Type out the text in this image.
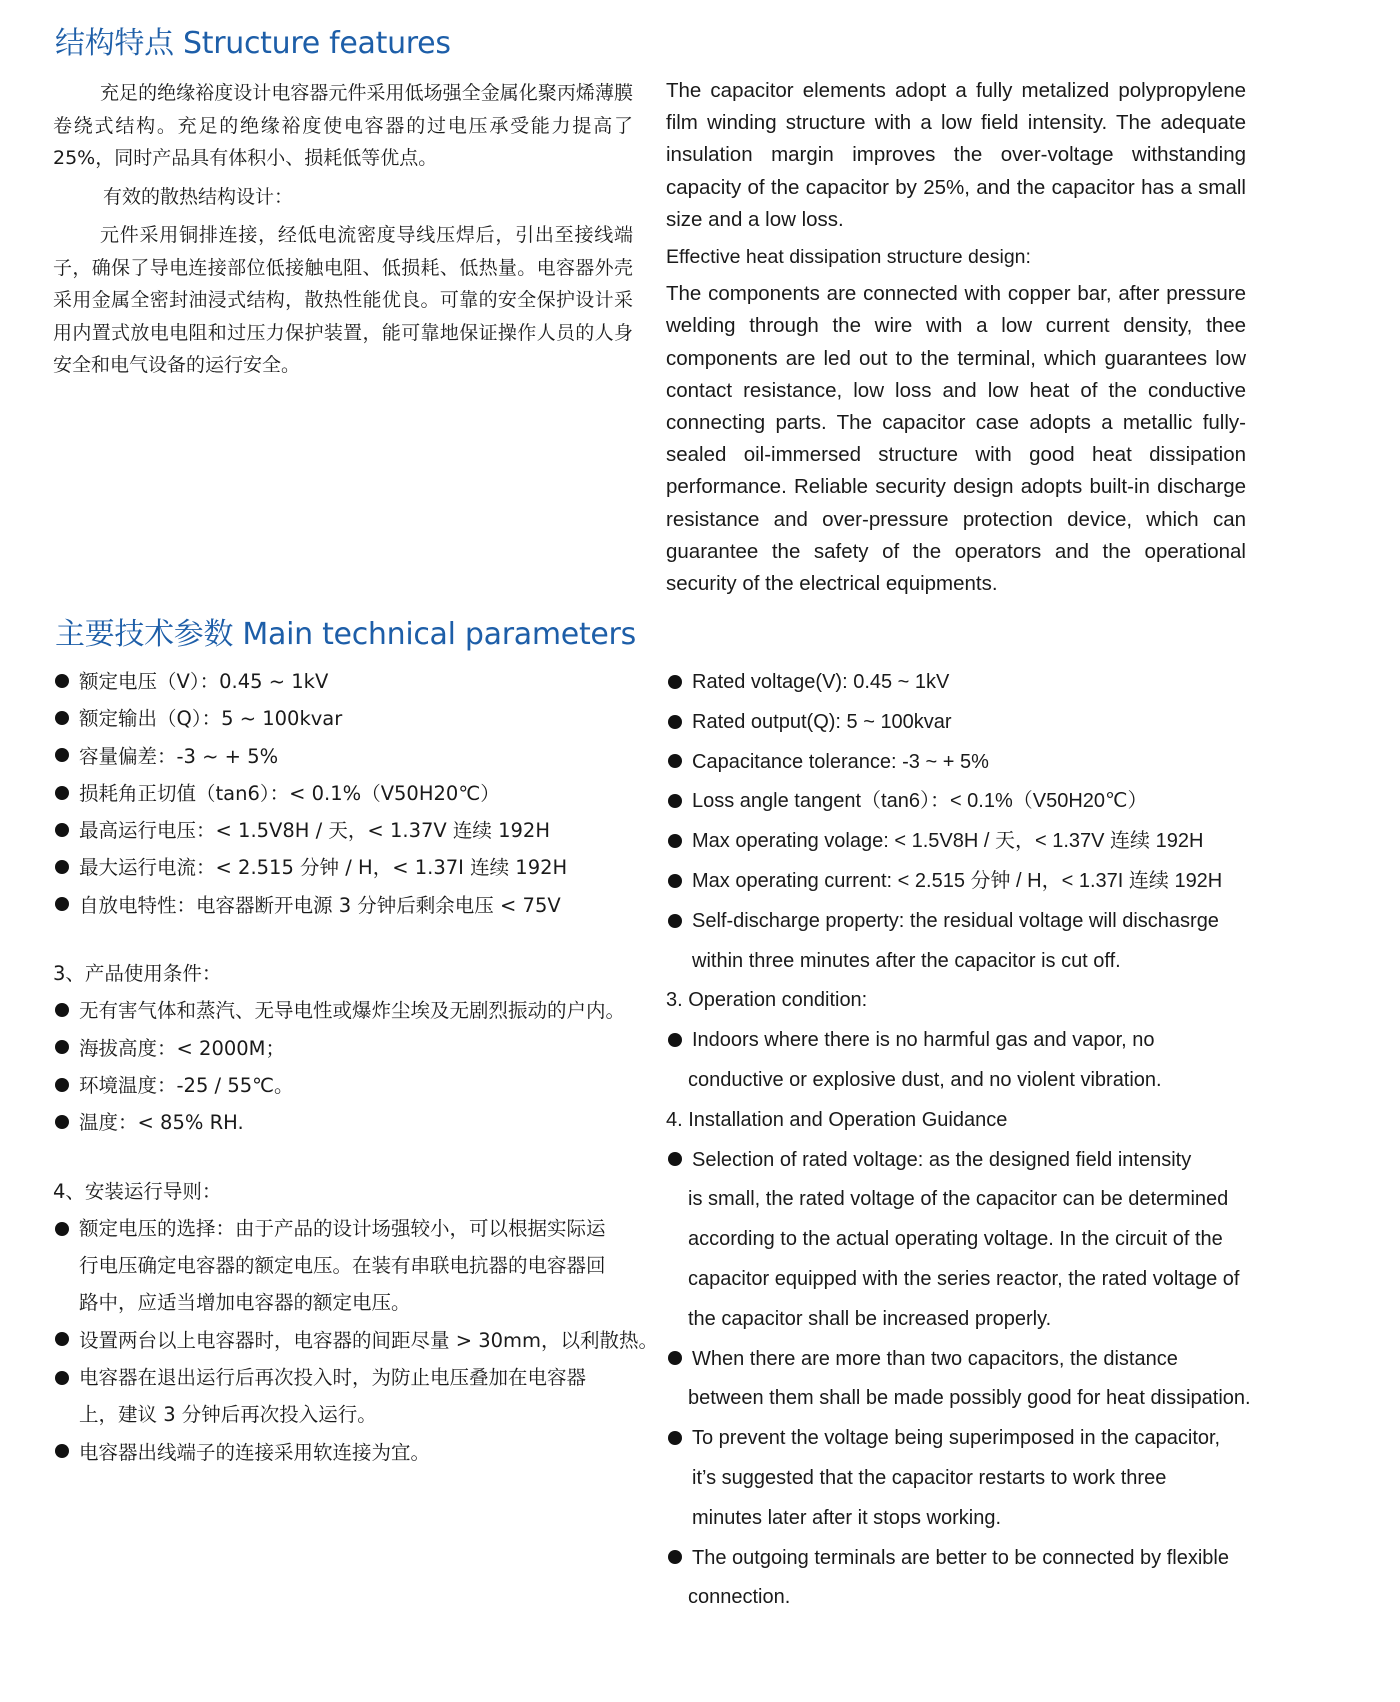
结构特点 Structure features

充足的绝缘裕度设计电容器元件采用低场强全金属化聚丙烯薄膜卷绕式结构。充足的绝缘裕度使电容器的过电压承受能力提高了25%，同时产品具有体积小、损耗低等优点。

有效的散热结构设计：

元件采用铜排连接，经低电流密度导线压焊后，引出至接线端子，确保了导电连接部位低接触电阻、低损耗、低热量。电容器外壳采用金属全密封油浸式结构，散热性能优良。可靠的安全保护设计采用内置式放电电阻和过压力保护装置，能可靠地保证操作人员的人身安全和电气设备的运行安全。

The capacitor elements adopt a fully metalized polypropylene film winding structure with a low field intensity. The adequate insulation margin improves the over-voltage withstanding capacity of the capacitor by 25%, and the capacitor has a small size and a low loss.

Effective heat dissipation structure design:

The components are connected with copper bar, after pressure welding through the wire with a low current density, thee components are led out to the terminal, which guarantees low contact resistance, low loss and low heat of the conductive connecting parts. The capacitor case adopts a metallic fully-sealed oil-immersed structure with good heat dissipation performance. Reliable security design adopts built-in discharge resistance and over-pressure protection device, which can guarantee the safety of the operators and the operational security of the electrical equipments.

主要技术参数 Main technical parameters
额定电压（V）：0.45 ~ 1kV
额定输出（Q）：5 ~ 100kvar
容量偏差：-3 ~ + 5%
损耗角正切值（tan6）：< 0.1%（V50H20℃）
最高运行电压：< 1.5V8H / 天，< 1.37V 连续 192H
最大运行电流：< 2.515 分钟 / H，< 1.37I 连续 192H
自放电特性：电容器断开电源 3 分钟后剩余电压 < 75V

3、产品使用条件：

无有害气体和蒸汽、无导电性或爆炸尘埃及无剧烈振动的户内。
海拔高度：< 2000M；
环境温度：-25 / 55℃。
温度：< 85% RH.

4、安装运行导则：

额定电压的选择：由于产品的设计场强较小，可以根据实际运行电压确定电容器的额定电压。在装有串联电抗器的电容器回路中，应适当增加电容器的额定电压。
设置两台以上电容器时，电容器的间距尽量 > 30mm，以利散热。
电容器在退出运行后再次投入时，为防止电压叠加在电容器上，建议 3 分钟后再次投入运行。
电容器出线端子的连接采用软连接为宜。
Rated voltage(V): 0.45 ~ 1kV
Rated output(Q): 5 ~ 100kvar
Capacitance tolerance: -3 ~ + 5%
Loss angle tangent（tan6）：< 0.1%（V50H20℃）
Max operating volage: < 1.5V8H / 天，< 1.37V 连续 192H
Max operating current: < 2.515 分钟 / H，< 1.37I 连续 192H
Self-discharge property: the residual voltage will dischasrge

within three minutes after the capacitor is cut off.

3. Operation condition:

Indoors where there is no harmful gas and vapor, no

conductive or explosive dust, and no violent vibration.

4. Installation and Operation Guidance

Selection of rated voltage: as the designed field intensity

is small, the rated voltage of the capacitor can be determined

according to the actual operating voltage. In the circuit of the

capacitor equipped with the series reactor, the rated voltage of

the capacitor shall be increased properly.

When there are more than two capacitors, the distance

between them shall be made possibly good for heat dissipation.

To prevent the voltage being superimposed in the capacitor,

it’s suggested that the capacitor restarts to work three

minutes later after it stops working.

The outgoing terminals are better to be connected by flexible

connection.
